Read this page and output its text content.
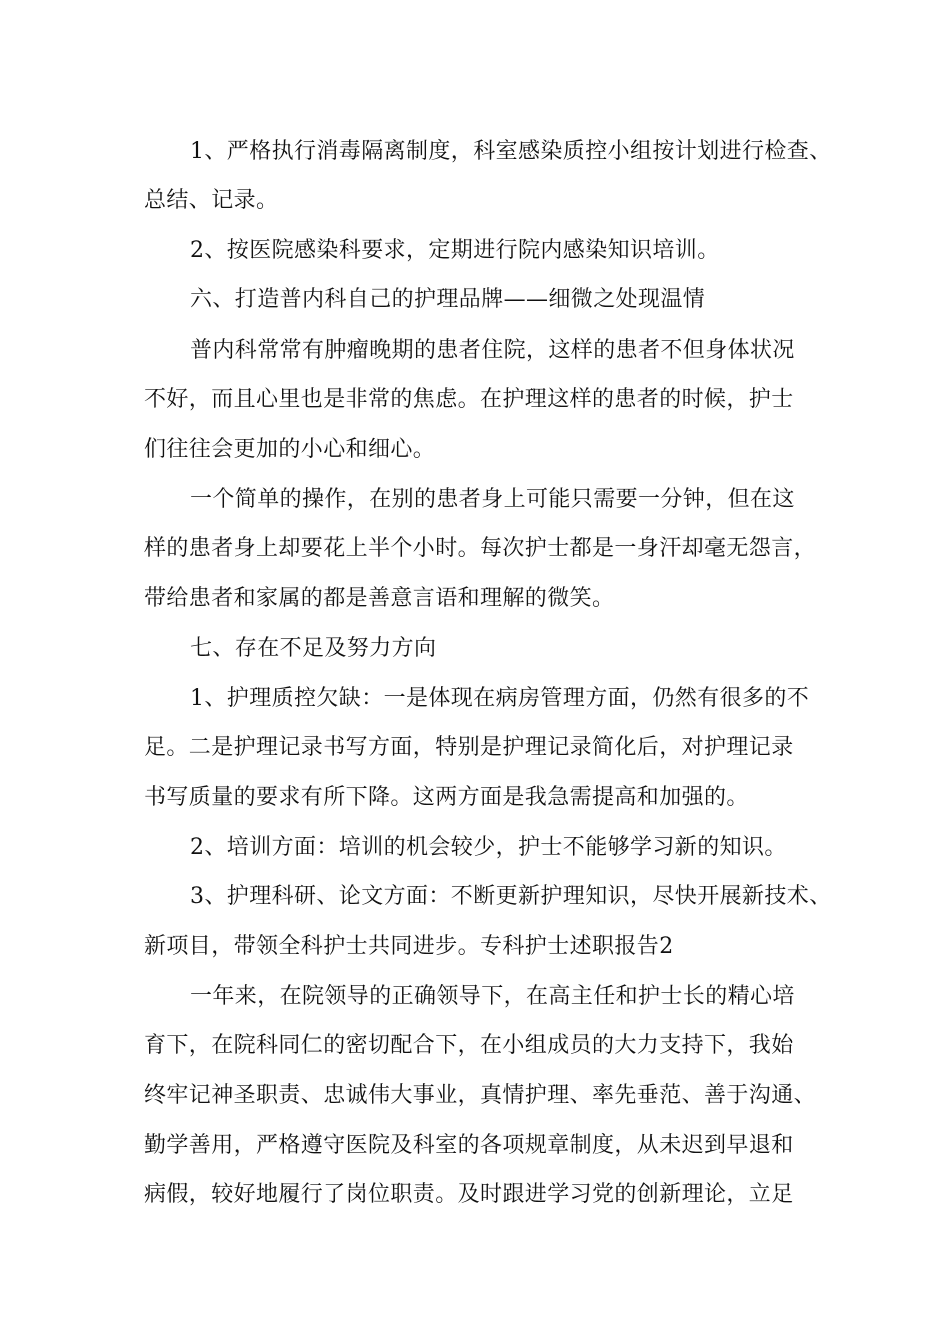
1、严格执行消毒隔离制度，科室感染质控小组按计划进行检查、
总结、记录。
2、按医院感染科要求，定期进行院内感染知识培训。
六、打造普内科自己的护理品牌——细微之处现温情
普内科常常有肿瘤晚期的患者住院，这样的患者不但身体状况
不好，而且心里也是非常的焦虑。在护理这样的患者的时候，护士
们往往会更加的小心和细心。
一个简单的操作，在别的患者身上可能只需要一分钟，但在这
样的患者身上却要花上半个小时。每次护士都是一身汗却毫无怨言，
带给患者和家属的都是善意言语和理解的微笑。
七、存在不足及努力方向
1、护理质控欠缺：一是体现在病房管理方面，仍然有很多的不
足。二是护理记录书写方面，特别是护理记录简化后，对护理记录
书写质量的要求有所下降。这两方面是我急需提高和加强的。
2、培训方面：培训的机会较少，护士不能够学习新的知识。
3、护理科研、论文方面：不断更新护理知识，尽快开展新技术、
新项目，带领全科护士共同进步。专科护士述职报告2
一年来，在院领导的正确领导下，在高主任和护士长的精心培
育下，在院科同仁的密切配合下，在小组成员的大力支持下，我始
终牢记神圣职责、忠诚伟大事业，真情护理、率先垂范、善于沟通、
勤学善用，严格遵守医院及科室的各项规章制度，从未迟到早退和
病假，较好地履行了岗位职责。及时跟进学习党的创新理论，立足
